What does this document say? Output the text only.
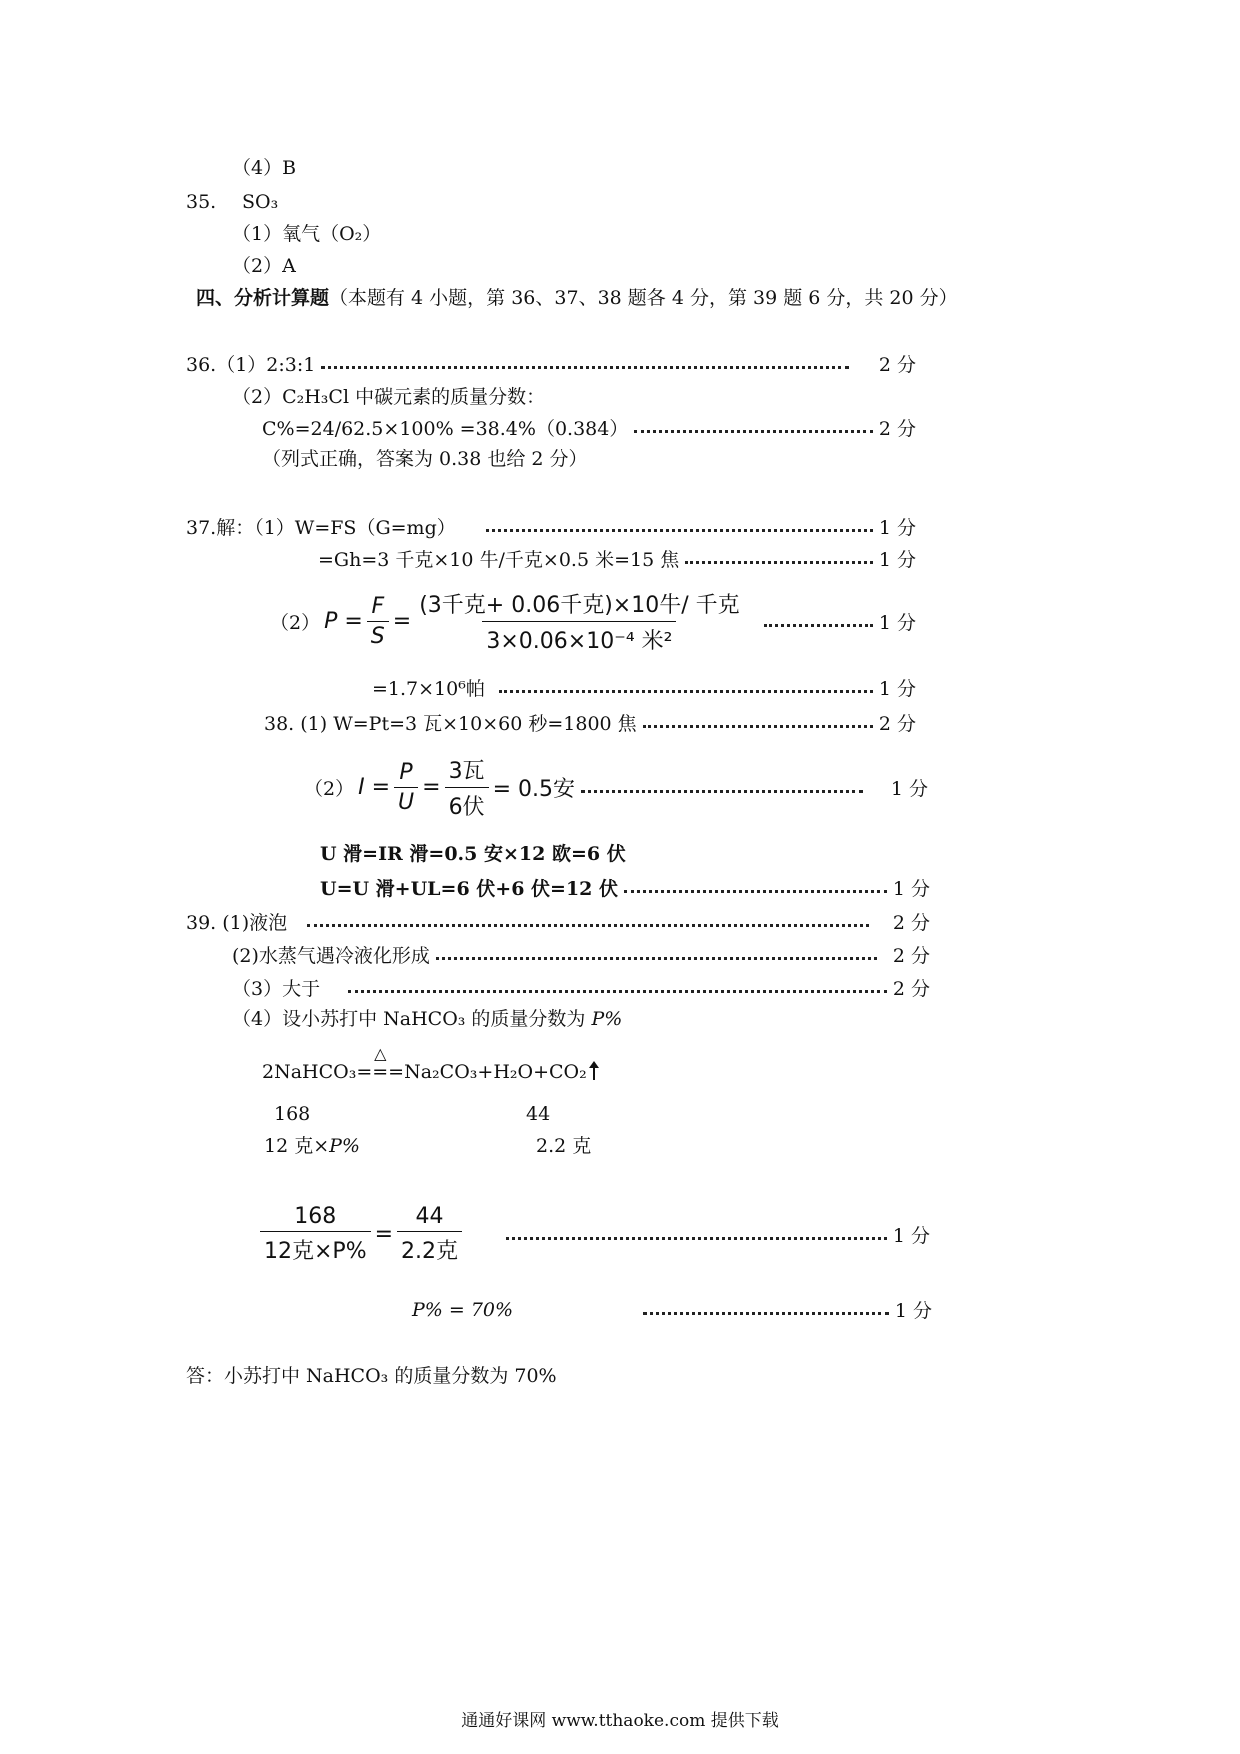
（4）B
35. SO₃
（1）氧气（O₂）
（2）A
四、分析计算题（本题有 4 小题，第 36、37、38 题各 4 分，第 39 题 6 分，共 20 分）
36.（1）2:3:1	2 分
（2）C₂H₃Cl 中碳元素的质量分数：
C%=24/62.5×100% =38.4%（0.384）	2 分
（列式正确，答案为 0.38 也给 2 分）
37.解：（1）W=FS（G=mg）	1 分
=Gh=3 千克×10 牛/千克×0.5 米=15 焦	1 分
（2） $P = \frac{F}{S} = \frac{\text{(3千克+ 0.06千克)×10牛/ 千克}}{\text{3×0.06×10⁻⁴ 米²}}$	1 分
=1.7×10⁶帕	1 分
38. (1) W=Pt=3 瓦×10×60 秒=1800 焦	2 分
（2） $I = \frac{P}{U} = \frac{\text{3瓦}}{\text{6伏}} = 0.5$安	1 分
U 滑=IR 滑=0.5 安×12 欧=6 伏
U=U 滑+UL=6 伏+6 伏=12 伏	1 分
39. (1)液泡	2 分
(2)水蒸气遇冷液化形成	2 分
（3）大于	2 分
（4）设小苏打中 NaHCO₃ 的质量分数为 P%
2NaHCO₃
△
===Na₂CO₃+H₂O+CO₂
168	44
12 克×P%	2.2 克
$\frac{168}{\text{12克×P\%}} = \frac{44}{\text{2.2克}}$	1 分
P% = 70%	1 分
答：小苏打中 NaHCO₃ 的质量分数为 70%
通通好课网 www.tthaoke.com 提供下载
